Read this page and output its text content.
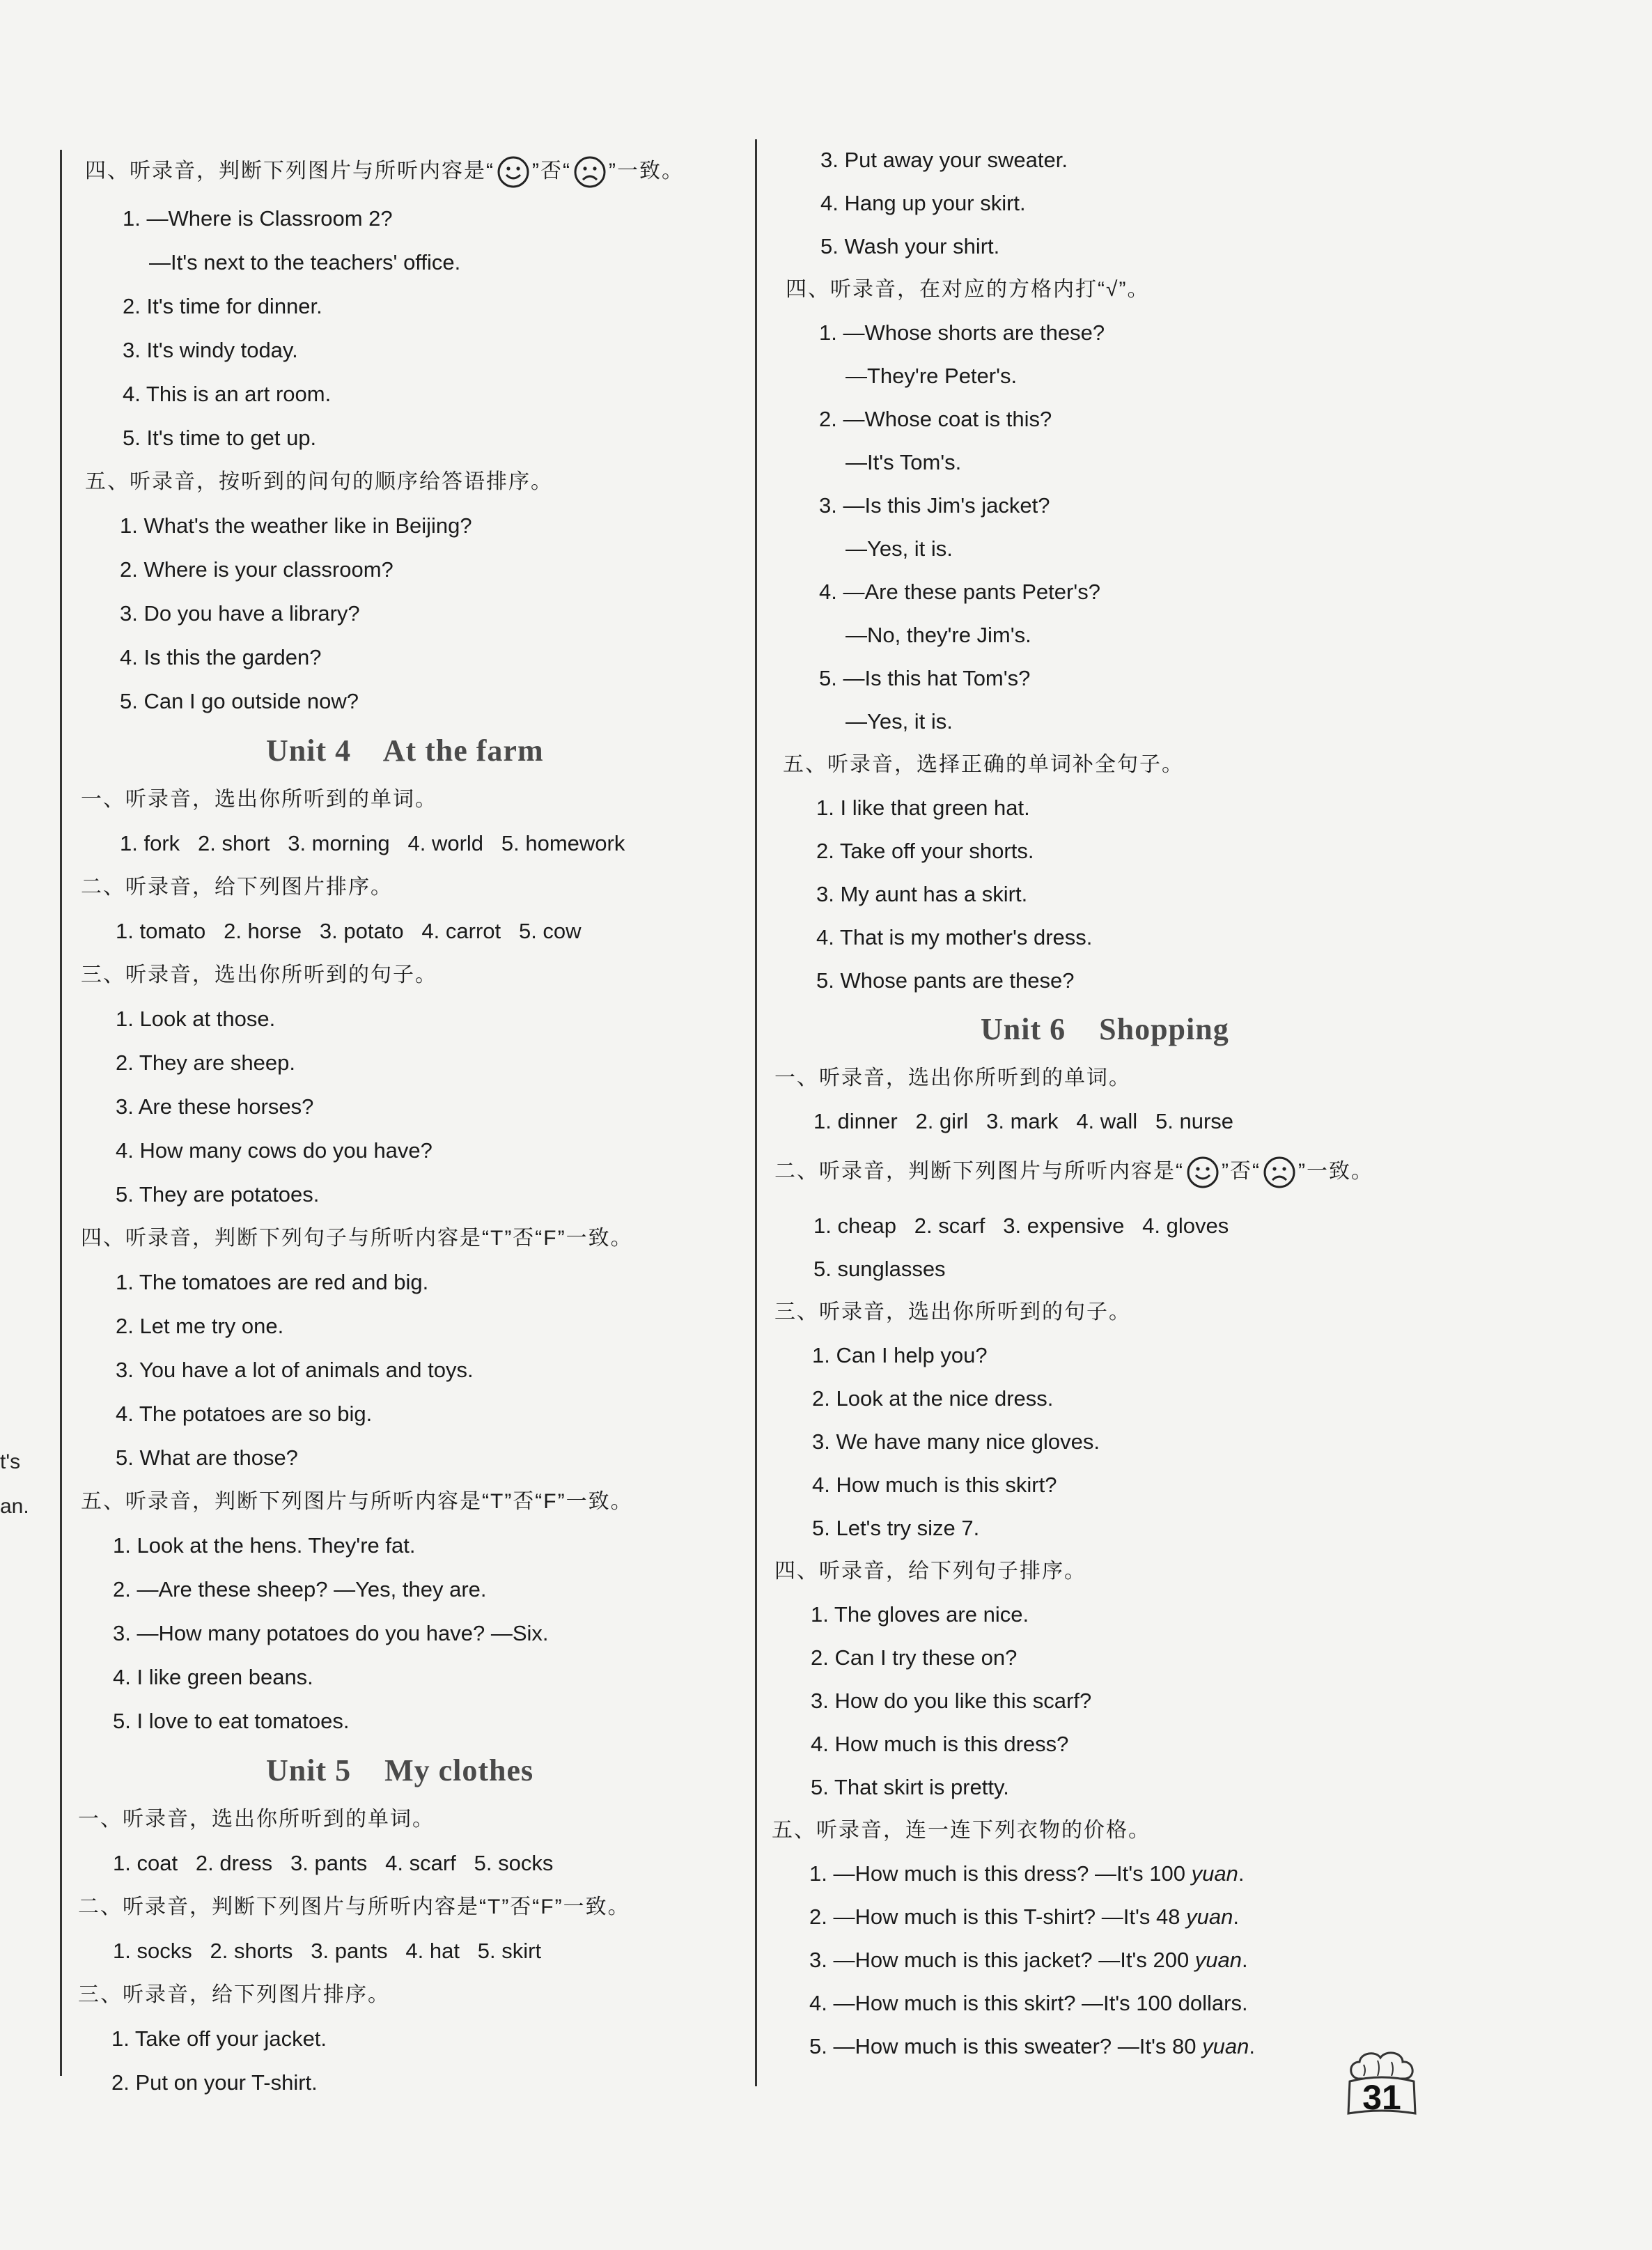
t's
an.
四、听录音，判断下列图片与所听内容是“ ”否“ ”一致。
1. —Where is Classroom 2?
—It's next to the teachers' office.
2. It's time for dinner.
3. It's windy today.
4. This is an art room.
5. It's time to get up.
五、听录音，按听到的问句的顺序给答语排序。
1. What's the weather like in Beijing?
2. Where is your classroom?
3. Do you have a library?
4. Is this the garden?
5. Can I go outside now?
Unit 4    At the farm
一、听录音，选出你所听到的单词。
1. fork   2. short   3. morning   4. world   5. homework
二、听录音，给下列图片排序。
1. tomato   2. horse   3. potato   4. carrot   5. cow
三、听录音，选出你所听到的句子。
1. Look at those.
2. They are sheep.
3. Are these horses?
4. How many cows do you have?
5. They are potatoes.
四、听录音，判断下列句子与所听内容是“T”否“F”一致。
1. The tomatoes are red and big.
2. Let me try one.
3. You have a lot of animals and toys.
4. The potatoes are so big.
5. What are those?
五、听录音，判断下列图片与所听内容是“T”否“F”一致。
1. Look at the hens. They're fat.
2. —Are these sheep? —Yes, they are.
3. —How many potatoes do you have? —Six.
4. I like green beans.
5. I love to eat tomatoes.
Unit 5    My clothes
一、听录音，选出你所听到的单词。
1. coat   2. dress   3. pants   4. scarf   5. socks
二、听录音，判断下列图片与所听内容是“T”否“F”一致。
1. socks   2. shorts   3. pants   4. hat   5. skirt
三、听录音，给下列图片排序。
1. Take off your jacket.
2. Put on your T-shirt.
3. Put away your sweater.
4. Hang up your skirt.
5. Wash your shirt.
四、听录音，在对应的方格内打“√”。
1. —Whose shorts are these?
—They're Peter's.
2. —Whose coat is this?
—It's Tom's.
3. —Is this Jim's jacket?
—Yes, it is.
4. —Are these pants Peter's?
—No, they're Jim's.
5. —Is this hat Tom's?
—Yes, it is.
五、听录音，选择正确的单词补全句子。
1. I like that green hat.
2. Take off your shorts.
3. My aunt has a skirt.
4. That is my mother's dress.
5. Whose pants are these?
Unit 6    Shopping
一、听录音，选出你所听到的单词。
1. dinner   2. girl   3. mark   4. wall   5. nurse
二、听录音，判断下列图片与所听内容是“ ”否“ ”一致。
1. cheap   2. scarf   3. expensive   4. gloves
5. sunglasses
三、听录音，选出你所听到的句子。
1. Can I help you?
2. Look at the nice dress.
3. We have many nice gloves.
4. How much is this skirt?
5. Let's try size 7.
四、听录音，给下列句子排序。
1. The gloves are nice.
2. Can I try these on?
3. How do you like this scarf?
4. How much is this dress?
5. That skirt is pretty.
五、听录音，连一连下列衣物的价格。
1. —How much is this dress? —It's 100 yuan.
2. —How much is this T-shirt? —It's 48 yuan.
3. —How much is this jacket? —It's 200 yuan.
4. —How much is this skirt? —It's 100 dollars.
5. —How much is this sweater? —It's 80 yuan.
31
